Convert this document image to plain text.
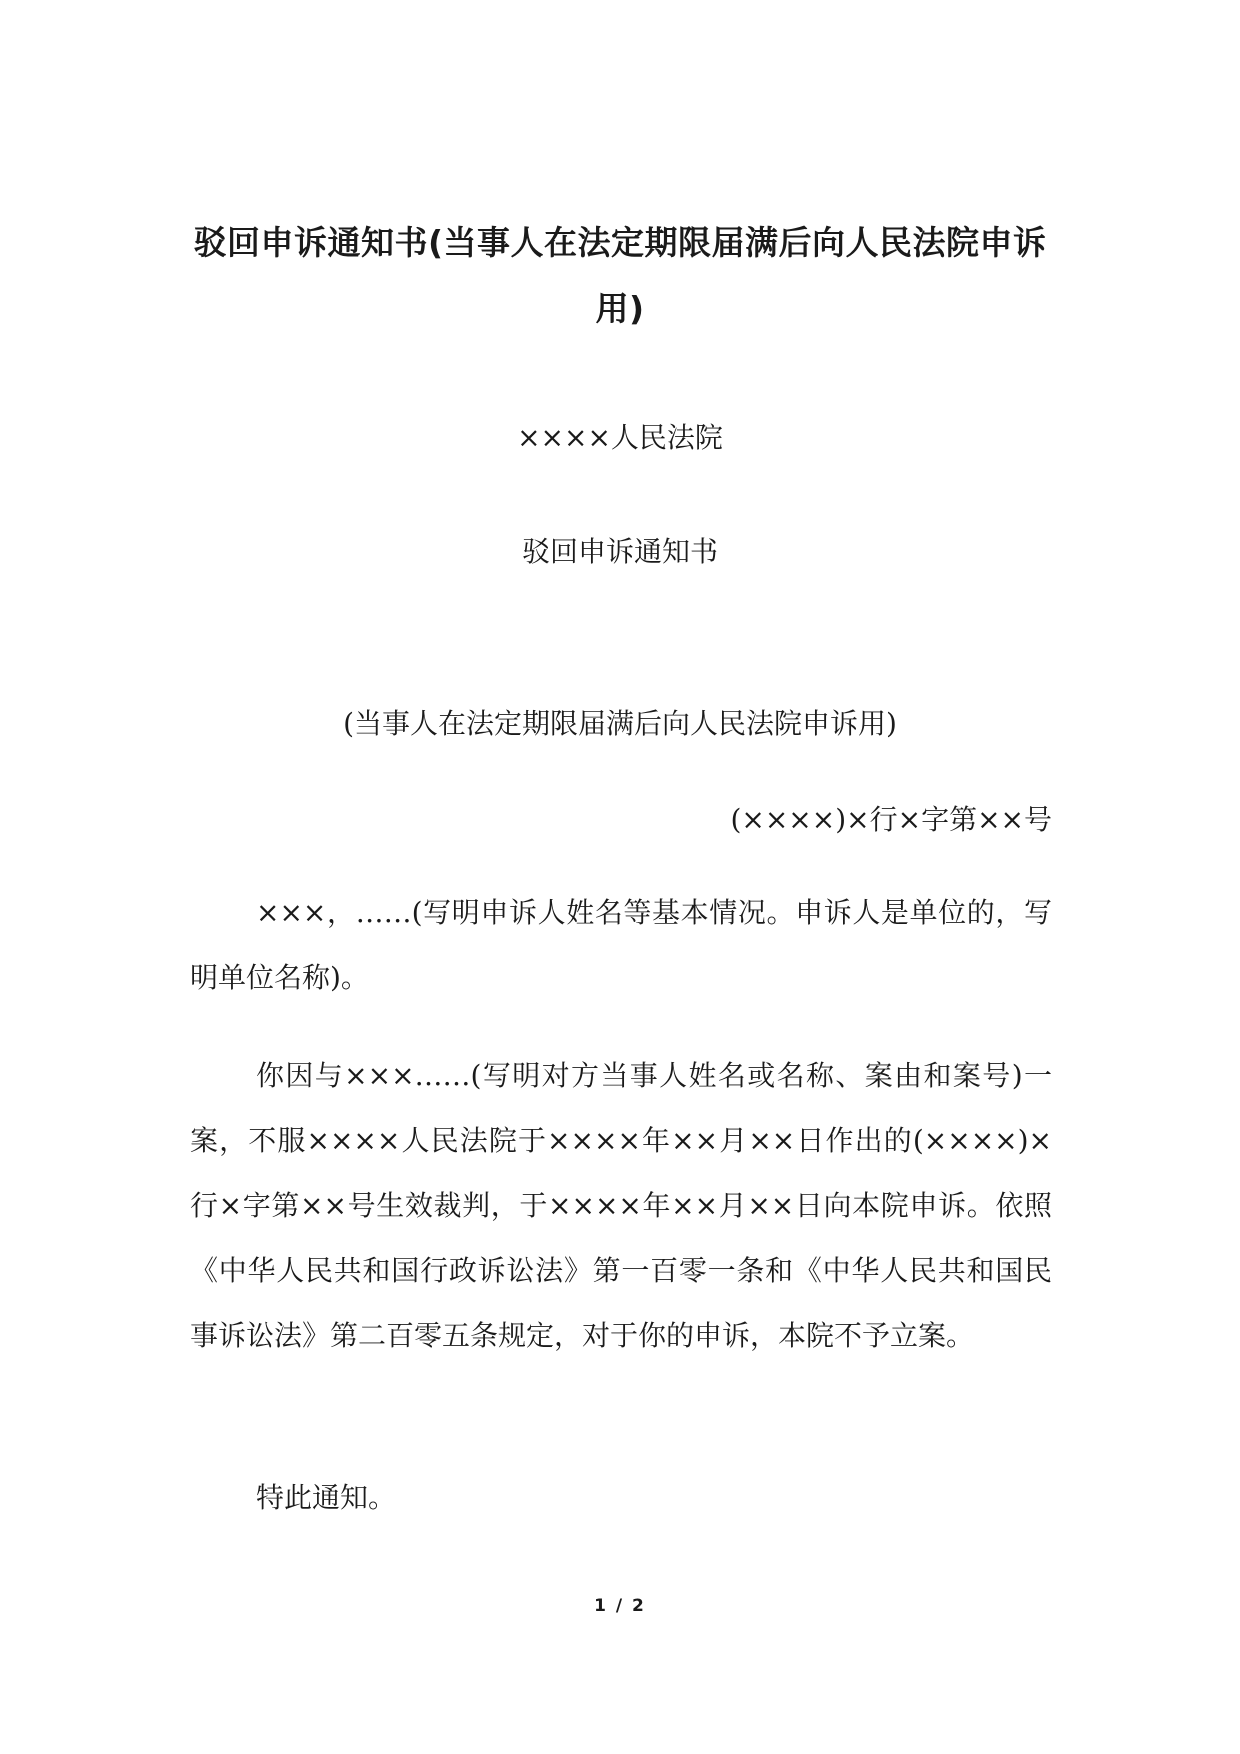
驳回申诉通知书(当事人在法定期限届满后向人民法院申诉用)
××××人民法院
驳回申诉通知书
(当事人在法定期限届满后向人民法院申诉用)
(××××)×行×字第××号

×××，……(写明申诉人姓名等基本情况。申诉人是单位的，写明单位名称)。

你因与×××……(写明对方当事人姓名或名称、案由和案号)一案，不服××××人民法院于××××年××月××日作出的(××××)×行×字第××号生效裁判，于××××年××月××日向本院申诉。依照《中华人民共和国行政诉讼法》第一百零一条和《中华人民共和国民事诉讼法》第二百零五条规定，对于你的申诉，本院不予立案。

特此通知。

1 / 2
